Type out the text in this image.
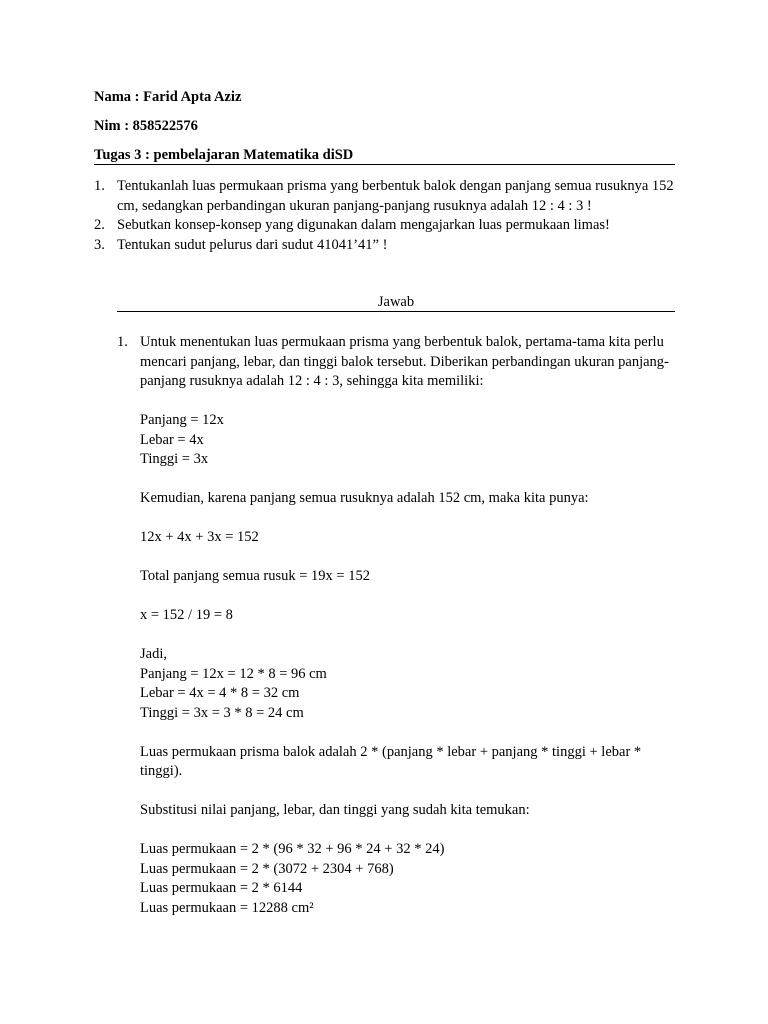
Nama : Farid Apta Aziz
Nim : 858522576
Tugas 3 : pembelajaran Matematika diSD
1. Tentukanlah luas permukaan prisma yang berbentuk balok dengan panjang semua rusuknya 152 cm, sedangkan perbandingan ukuran panjang-panjang rusuknya adalah 12 : 4 : 3 !
2. Sebutkan konsep-konsep yang digunakan dalam mengajarkan luas permukaan limas!
3. Tentukan sudut pelurus dari sudut 41041’41” !
Jawab
1. Untuk menentukan luas permukaan prisma yang berbentuk balok, pertama-tama kita perlu mencari panjang, lebar, dan tinggi balok tersebut. Diberikan perbandingan ukuran panjang-panjang rusuknya adalah 12 : 4 : 3, sehingga kita memiliki:

Panjang = 12x

Lebar = 4x

Tinggi = 3x

Kemudian, karena panjang semua rusuknya adalah 152 cm, maka kita punya:

12x + 4x + 3x = 152

Total panjang semua rusuk = 19x = 152

x = 152 / 19 = 8

Jadi,

Panjang = 12x = 12 * 8 = 96 cm

Lebar = 4x = 4 * 8 = 32 cm

Tinggi = 3x = 3 * 8 = 24 cm

Luas permukaan prisma balok adalah 2 * (panjang * lebar + panjang * tinggi + lebar * tinggi).

Substitusi nilai panjang, lebar, dan tinggi yang sudah kita temukan:

Luas permukaan = 2 * (96 * 32 + 96 * 24 + 32 * 24)

Luas permukaan = 2 * (3072 + 2304 + 768)

Luas permukaan = 2 * 6144

Luas permukaan = 12288 cm²
